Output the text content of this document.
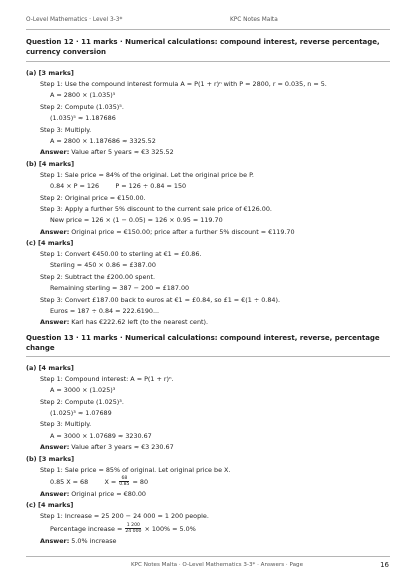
O-Level Mathematics · Level 3-3*	KPC Notes Malta
Question 12 · 11 marks · Numerical calculations: compound interest, reverse percentage, currency conversion
(a) [3 marks]
Step 1: Use the compound interest formula A = P(1 + r)ⁿ with P = 2800, r = 0.035, n = 5.
A = 2800 × (1.035)⁵
Step 2: Compute (1.035)⁵.
(1.035)⁵ ≈ 1.187686
Step 3: Multiply.
A = 2800 × 1.187686 ≈ 3325.52
Answer: Value after 5 years ≈ €3 325.52
(b) [4 marks]
Step 1: Sale price = 84% of the original. Let the original price be P.
0.84 × P = 126        P = 126 ÷ 0.84 = 150
Step 2: Original price = €150.00.
Step 3: Apply a further 5% discount to the current sale price of €126.00.
New price = 126 × (1 − 0.05) = 126 × 0.95 = 119.70
Answer: Original price = €150.00; price after a further 5% discount = €119.70
(c) [4 marks]
Step 1: Convert €450.00 to sterling at €1 = £0.86.
Sterling = 450 × 0.86 = £387.00
Step 2: Subtract the £200.00 spent.
Remaining sterling = 387 − 200 = £187.00
Step 3: Convert £187.00 back to euros at €1 = £0.84, so £1 = €(1 ÷ 0.84).
Euros = 187 ÷ 0.84 = 222.6190...
Answer: Karl has €222.62 left (to the nearest cent).
Question 13 · 11 marks · Numerical calculations: compound interest, reverse, percentage change
(a) [4 marks]
Step 1: Compound interest: A = P(1 + r)ⁿ.
A = 3000 × (1.025)³
Step 2: Compute (1.025)³.
(1.025)³ ≈ 1.07689
Step 3: Multiply.
A = 3000 × 1.07689 ≈ 3230.67
Answer: Value after 3 years ≈ €3 230.67
(b) [3 marks]
Step 1: Sale price = 85% of original. Let original price be X.
0.85 X = 68        $X = \frac{68}{0.85} = 80$
Answer: Original price = €80.00
(c) [4 marks]
Step 1: Increase = 25 200 − 24 000 = 1 200 people.
Percentage increase = $\frac{1 200}{24 000} \times 100\% = 5.0\%$
Answer: 5.0% increase
KPC Notes Malta · O-Level Mathematics 3-3* · Answers · Page	16
